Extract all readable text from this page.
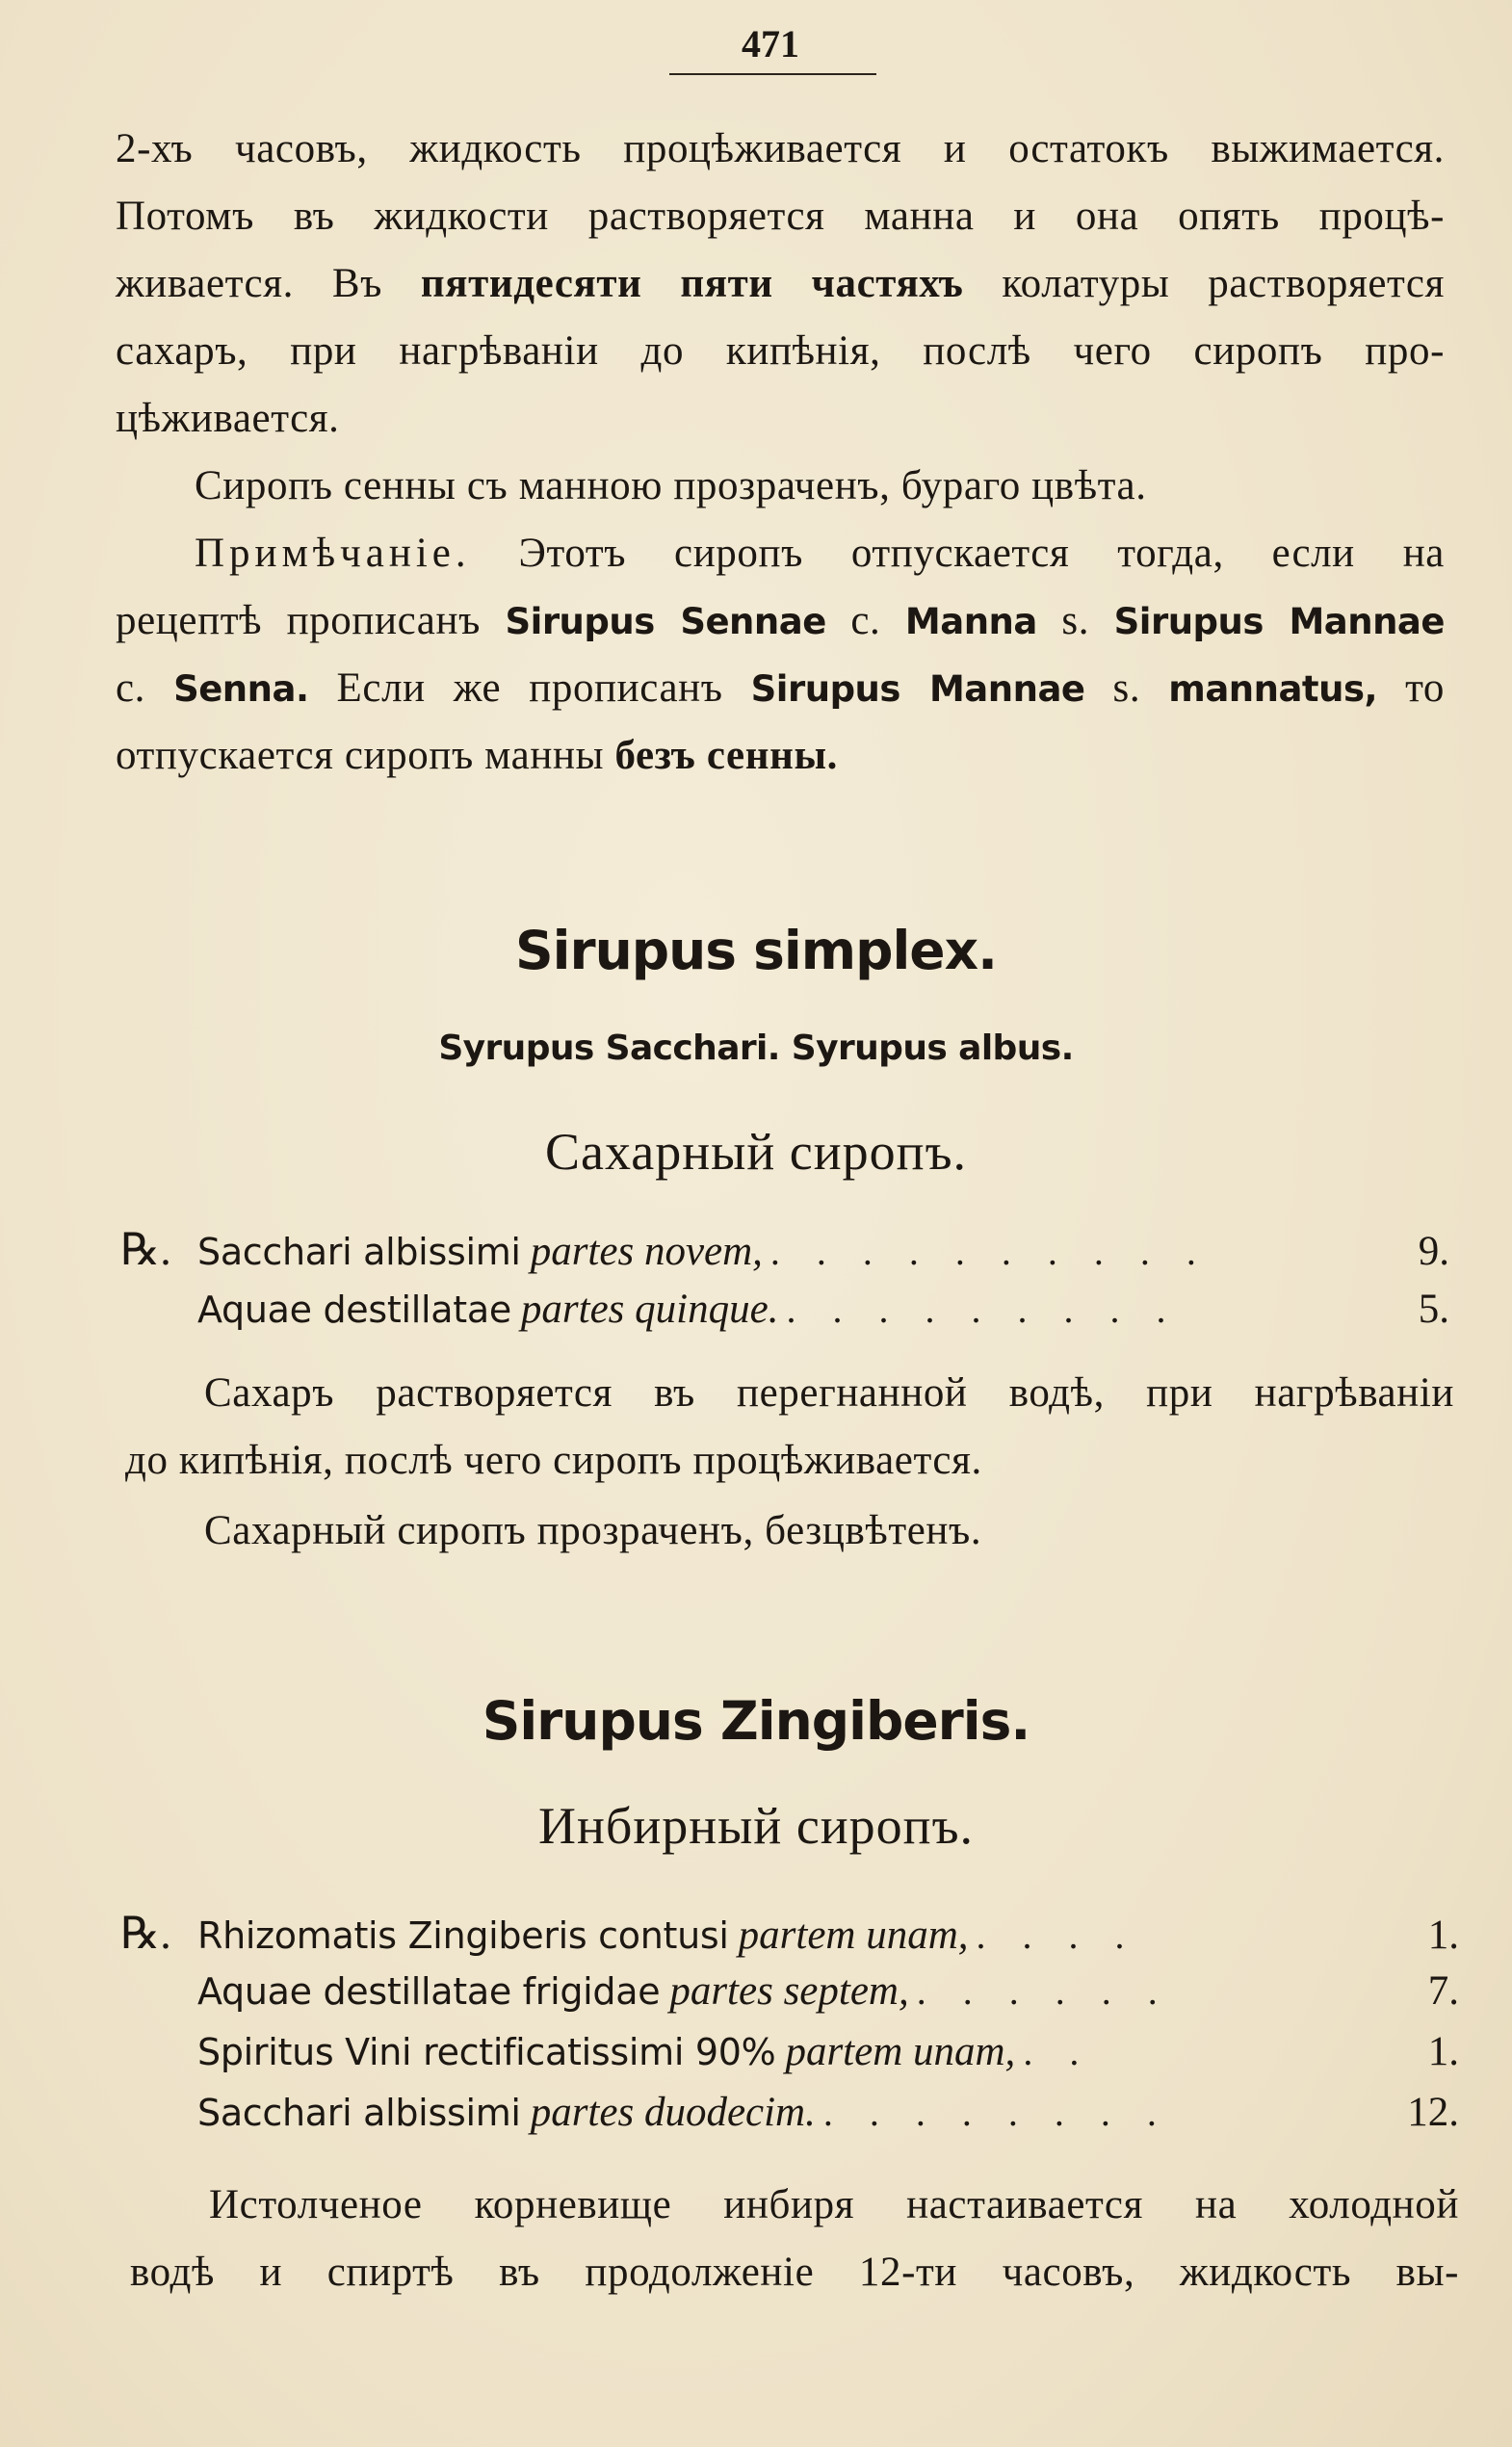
471
2-хъ часовъ, жидкость процѣживается и остатокъ выжимается.
Потомъ въ жидкости растворяется манна и она опять процѣ-
живается. Въ пятидесяти пяти частяхъ колатуры растворяется
сахаръ, при нагрѣваніи до кипѣнія, послѣ чего сиропъ про-
цѣживается.
Сиропъ сенны съ манною прозраченъ, бураго цвѣта.
Примѣчаніе. Этотъ сиропъ отпускается тогда, если на
рецептѣ прописанъ Sirupus Sennae c. Manna s. Sirupus Mannae
c. Senna. Если же прописанъ Sirupus Mannae s. mannatus, то
отпускается сиропъ манны безъ сенны.
Sirupus simplex.
Syrupus Sacchari. Syrupus albus.
Сахарный сиропъ.
℞. Sacchari albissimi partes novem, . . . . . . . . . .	9.
Aquae destillatae partes quinque. . . . . . . . . .	5.
Сахаръ растворяется въ перегнанной водѣ, при нагрѣваніи
до кипѣнія, послѣ чего сиропъ процѣживается.
Сахарный сиропъ прозраченъ, безцвѣтенъ.
Sirupus Zingiberis.
Инбирный сиропъ.
℞. Rhizomatis Zingiberis contusi partem unam, . . . .	1.
Aquae destillatae frigidae partes septem, . . . . . .	7.
Spiritus Vini rectificatissimi 90% partem unam, . .	1.
Sacchari albissimi partes duodecim. . . . . . . . .	12.
Истолченое корневище инбиря настаивается на холодной
водѣ и спиртѣ въ продолженіе 12-ти часовъ, жидкость вы-
